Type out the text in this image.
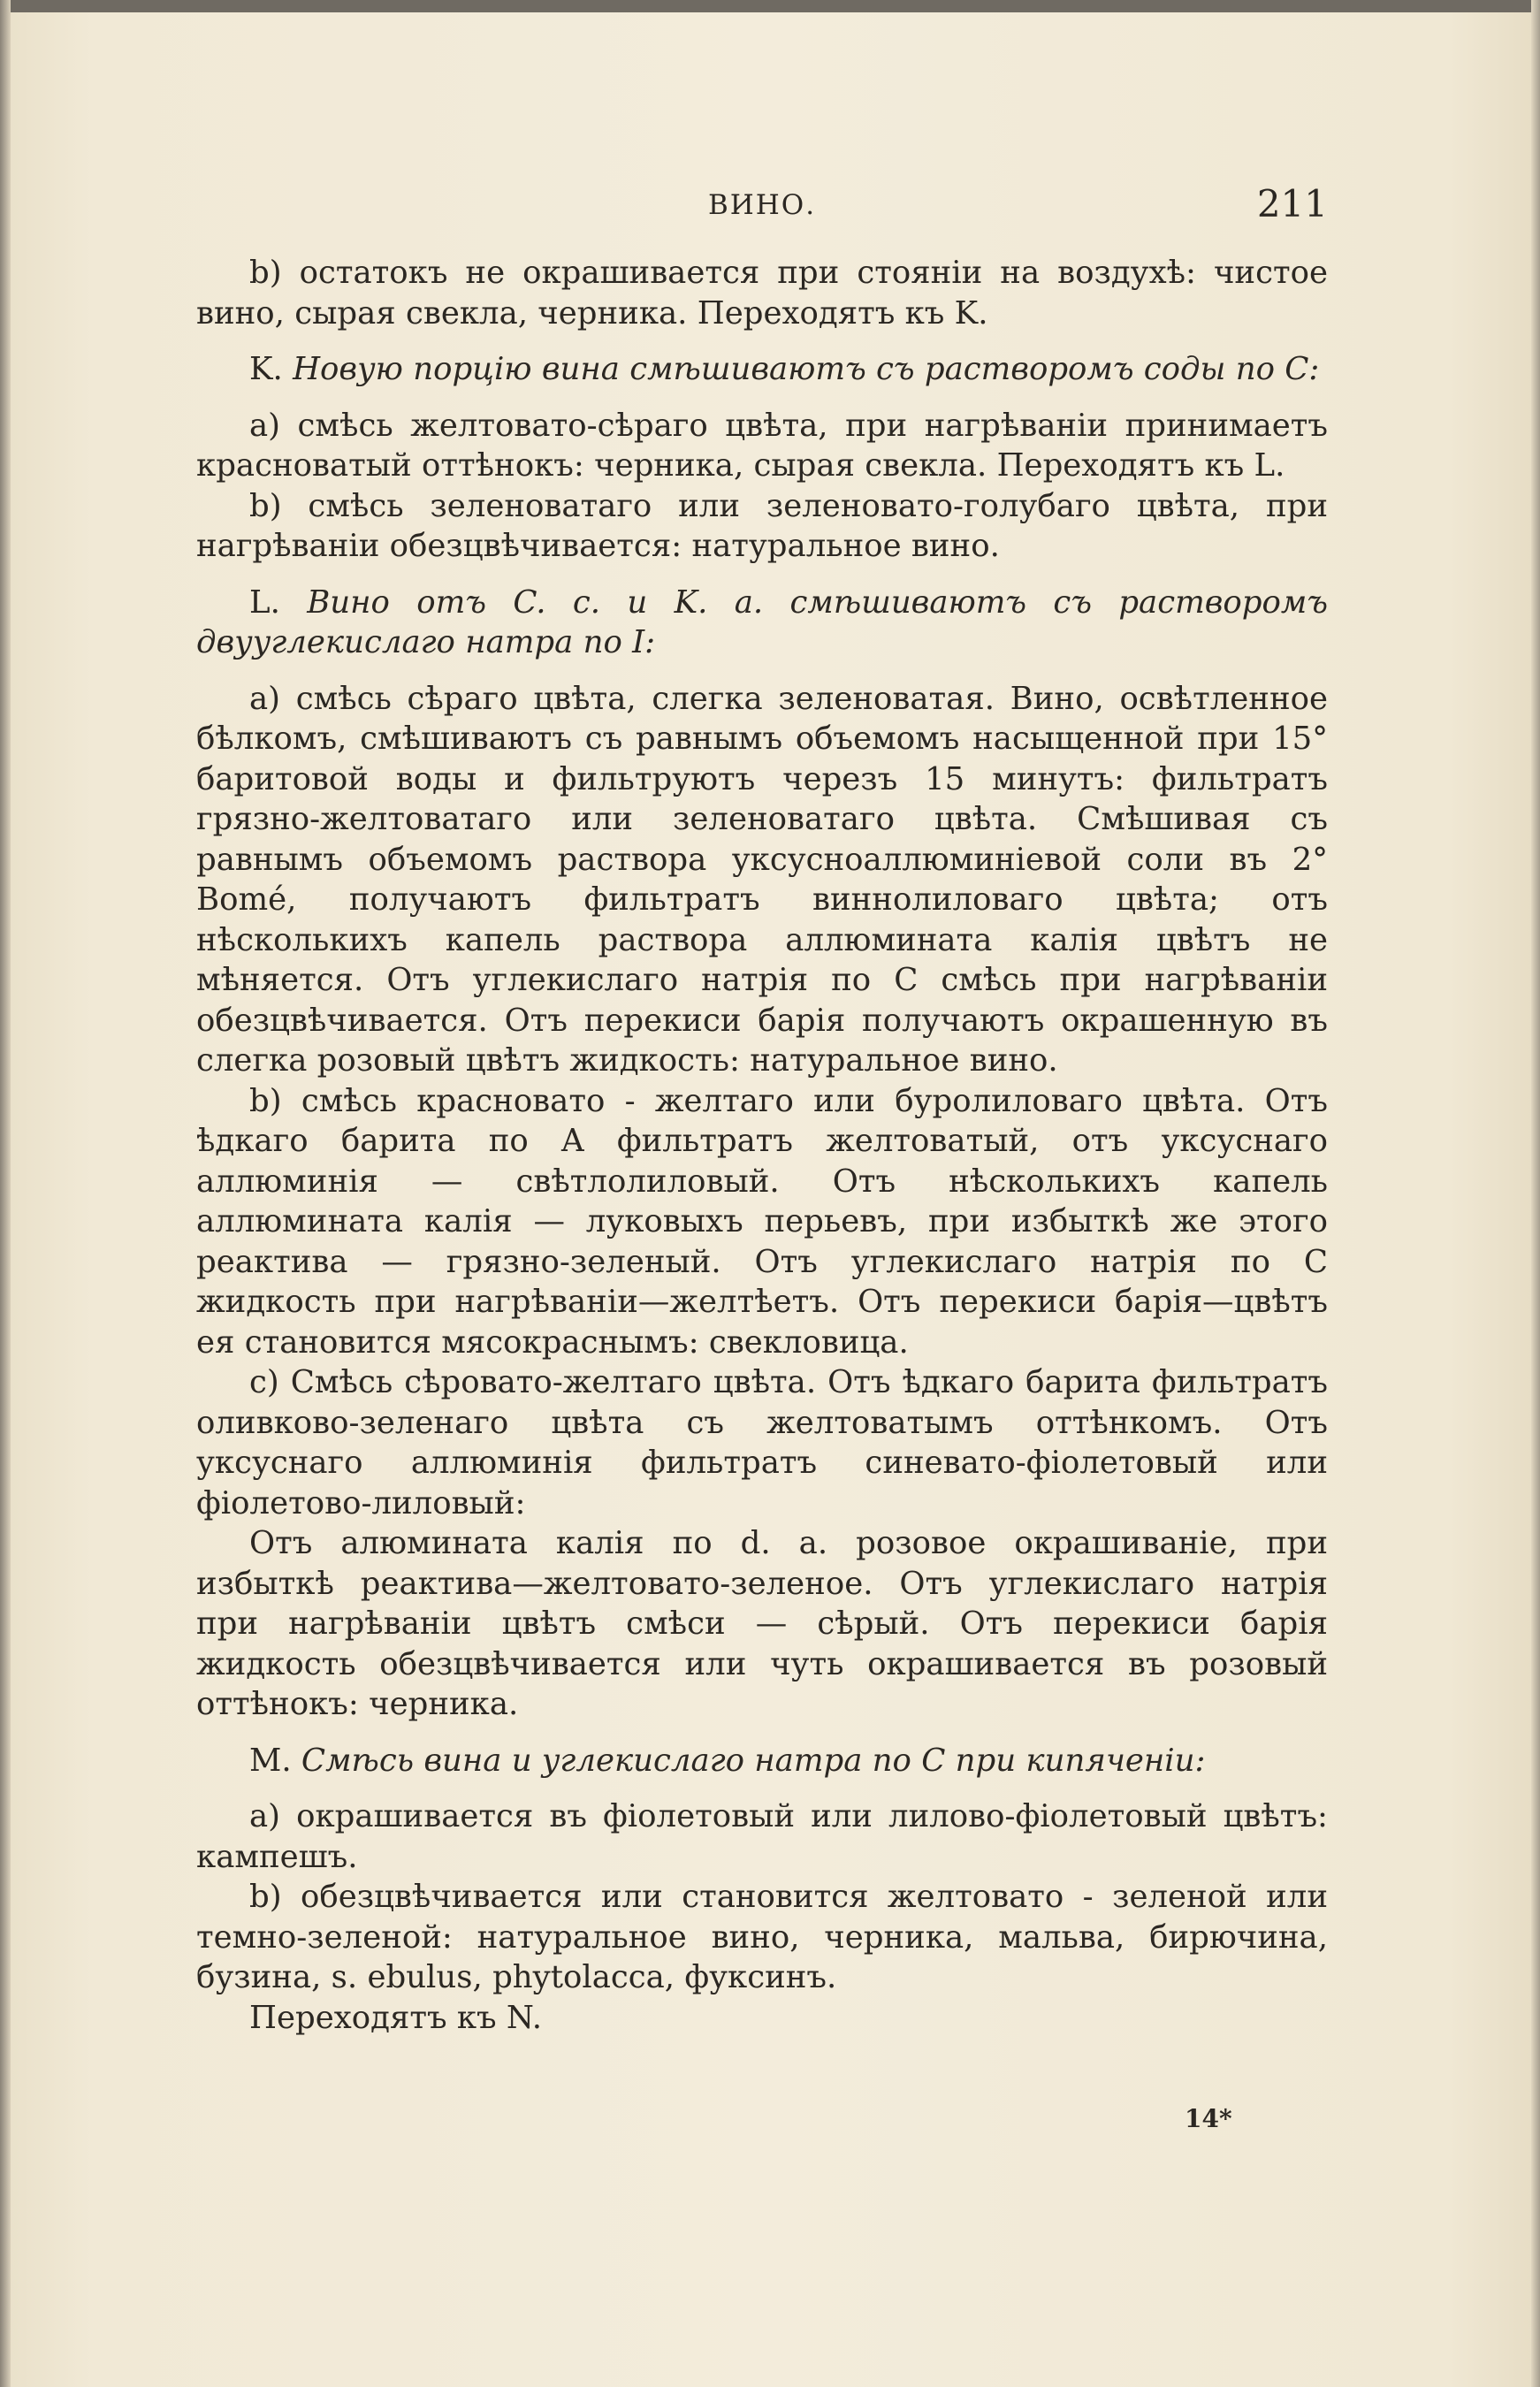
ВИНО.	211

b) остатокъ не окрашивается при стоянiи на воздухѣ: чистое вино, сырая свекла, черника. Переходятъ къ K.

K. Новую порцiю вина смѣшиваютъ съ растворомъ соды по C:

a) смѣсь желтовато-сѣраго цвѣта, при нагрѣванiи принимаетъ красноватый оттѣнокъ: черника, сырая свекла. Переходятъ къ L.

b) смѣсь зеленоватаго или зеленовато-голубаго цвѣта, при нагрѣванiи обезцвѣчивается: натуральное вино.

L. Вино отъ C. c. и K. a. смѣшиваютъ съ растворомъ двууглекислаго натра по I:

a) смѣсь сѣраго цвѣта, слегка зеленоватая. Вино, освѣтленное бѣлкомъ, смѣшиваютъ съ равнымъ объемомъ насыщенной при 15° баритовой воды и фильтруютъ черезъ 15 минутъ: фильтратъ грязно-желтоватаго или зеленоватаго цвѣта. Смѣшивая съ равнымъ объемомъ раствора уксусноаллюминiевой соли въ 2° Bomé, получаютъ фильтратъ виннолиловаго цвѣта; отъ нѣсколькихъ капель раствора аллюмината калiя цвѣтъ не мѣняется. Отъ углекислаго натрiя по C смѣсь при нагрѣванiи обезцвѣчивается. Отъ перекиси барiя получаютъ окрашенную въ слегка розовый цвѣтъ жидкость: натуральное вино.

b) смѣсь красновато - желтаго или буролиловаго цвѣта. Отъ ѣдкаго барита по A фильтратъ желтоватый, отъ уксуснаго аллюминiя — свѣтлолиловый. Отъ нѣсколькихъ капель аллюмината калiя — луковыхъ перьевъ, при избыткѣ же этого реактива — грязно-зеленый. Отъ углекислаго натрiя по C жидкость при нагрѣванiи—желтѣетъ. Отъ перекиси барiя—цвѣтъ ея становится мясокраснымъ: свекловица.

c) Смѣсь сѣровато-желтаго цвѣта. Отъ ѣдкаго барита фильтратъ оливково-зеленаго цвѣта съ желтоватымъ оттѣнкомъ. Отъ уксуснаго аллюминiя фильтратъ синевато-фiолетовый или фiолетово-лиловый:

Отъ алюмината калiя по d. a. розовое окрашиванiе, при избыткѣ реактива—желтовато-зеленое. Отъ углекислаго натрiя при нагрѣванiи цвѣтъ смѣси — сѣрый. Отъ перекиси барiя жидкость обезцвѣчивается или чуть окрашивается въ розовый оттѣнокъ: черника.

M. Смѣсь вина и углекислаго натра по C при кипяченiи:

a) окрашивается въ фiолетовый или лилово-фiолетовый цвѣтъ: кампешъ.

b) обезцвѣчивается или становится желтовато - зеленой или темно-зеленой: натуральное вино, черника, мальва, бирючина, бузина, s. ebulus, phytolacca, фуксинъ.

Переходятъ къ N.

14*
